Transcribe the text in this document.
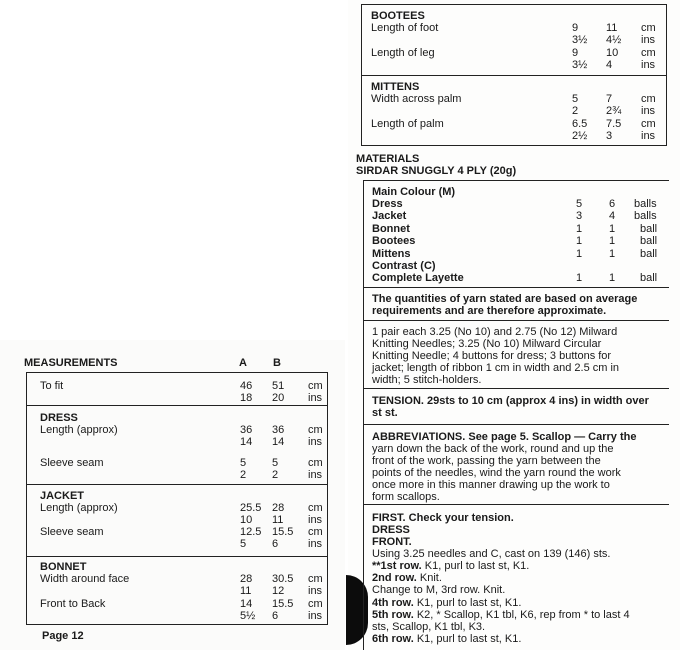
MEASUREMENTS	A B
To fit	46 51 cm
18 20 ins
DRESS
Length (approx)	36 36 cm
14 14 ins
Sleeve seam	5 5	cm
2 2	ins
JACKET
Length (approx)	25.5 28 cm
10 11 ins
Sleeve seam	12.5 15.5 cm
5 6	ins
BONNET
Width around face	28 30.5 cm
11 12 ins
Front to Back	14 15.5 cm
5½ 6	ins
Page 12
BOOTEES
Length of foot	9	11 cm
3½ 4½ ins
Length of leg	9	10 cm
3½ 4	ins
MITTENS
Width across palm	5	7	cm
2	2¾ ins
Length of palm	6.5 7.5 cm
2½ 3	ins
MATERIALS
SIRDAR SNUGGLY 4 PLY (20g)
Main Colour (M)
Dress	5 6 balls
Jacket	3 4 balls
Bonnet	1 1 ball
Bootees	1 1 ball
Mittens	1 1 ball
Contrast (C)
Complete Layette	1 1 ball
The quantities of yarn stated are based on average
requirements and are therefore approximate.
1 pair each 3.25 (No 10) and 2.75 (No 12) Milward
Knitting Needles; 3.25 (No 10) Milward Circular
Knitting Needle; 4 buttons for dress; 3 buttons for
jacket; length of ribbon 1 cm in width and 2.5 cm in
width; 5 stitch-holders.
TENSION. 29sts to 10 cm (approx 4 ins) in width over
st st.
ABBREVIATIONS. See page 5. Scallop — Carry the
yarn down the back of the work, round and up the
front of the work, passing the yarn between the
points of the needles, wind the yarn round the work
once more in this manner drawing up the work to
form scallops.
FIRST. Check your tension.
DRESS
FRONT.
Using 3.25 needles and C, cast on 139 (146) sts.
**1st row. K1, purl to last st, K1.
2nd row. Knit.
Change to M, 3rd row. Knit.
4th row. K1, purl to last st, K1.
5th row. K2, * Scallop, K1 tbl, K6, rep from * to last 4
sts, Scallop, K1 tbl, K3.
6th row. K1, purl to last st, K1.
